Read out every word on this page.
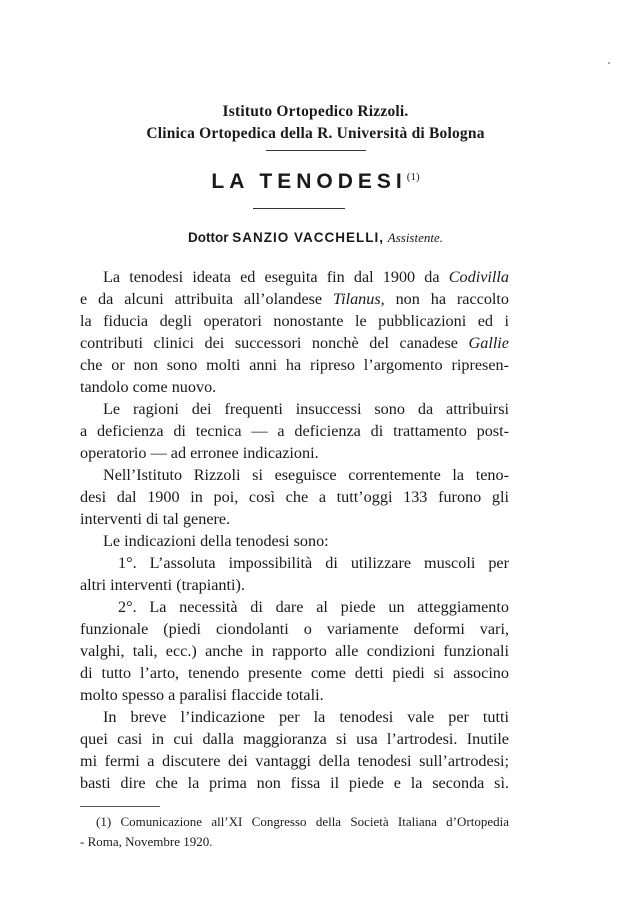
Istituto Ortopedico Rizzoli.
Clinica Ortopedica della R. Università di Bologna
LA TENODESI$^{(1)}$
Dottor SANZIO VACCHELLI, Assistente.
La tenodesi ideata ed eseguita fin dal 1900 da Codivilla
e da alcuni attribuita all’olandese Tilanus, non ha raccolto
la fiducia degli operatori nonostante le pubblicazioni ed i
contributi clinici dei successori nonchè del canadese Gallie
che or non sono molti anni ha ripreso l’argomento ripresen-
tandolo come nuovo.
Le ragioni dei frequenti insuccessi sono da attribuirsi
a deficienza di tecnica — a deficienza di trattamento post-
operatorio — ad erronee indicazioni.
Nell’Istituto Rizzoli si eseguisce correntemente la teno-
desi dal 1900 in poi, così che a tutt’oggi 133 furono gli
interventi di tal genere.
Le indicazioni della tenodesi sono:
1°. L’assoluta impossibilità di utilizzare muscoli per
altri interventi (trapianti).
2°. La necessità di dare al piede un atteggiamento
funzionale (piedi ciondolanti o variamente deformi vari,
valghi, tali, ecc.) anche in rapporto alle condizioni funzionali
di tutto l’arto, tenendo presente come detti piedi si associno
molto spesso a paralisi flaccide totali.
In breve l’indicazione per la tenodesi vale per tutti
quei casi in cui dalla maggioranza si usa l’artrodesi. Inutile
mi fermi a discutere dei vantaggi della tenodesi sull’artrodesi;
basti dire che la prima non fissa il piede e la seconda sì.
(1) Comunicazione all’XI Congresso della Società Italiana d’Ortopedia
- Roma, Novembre 1920.
